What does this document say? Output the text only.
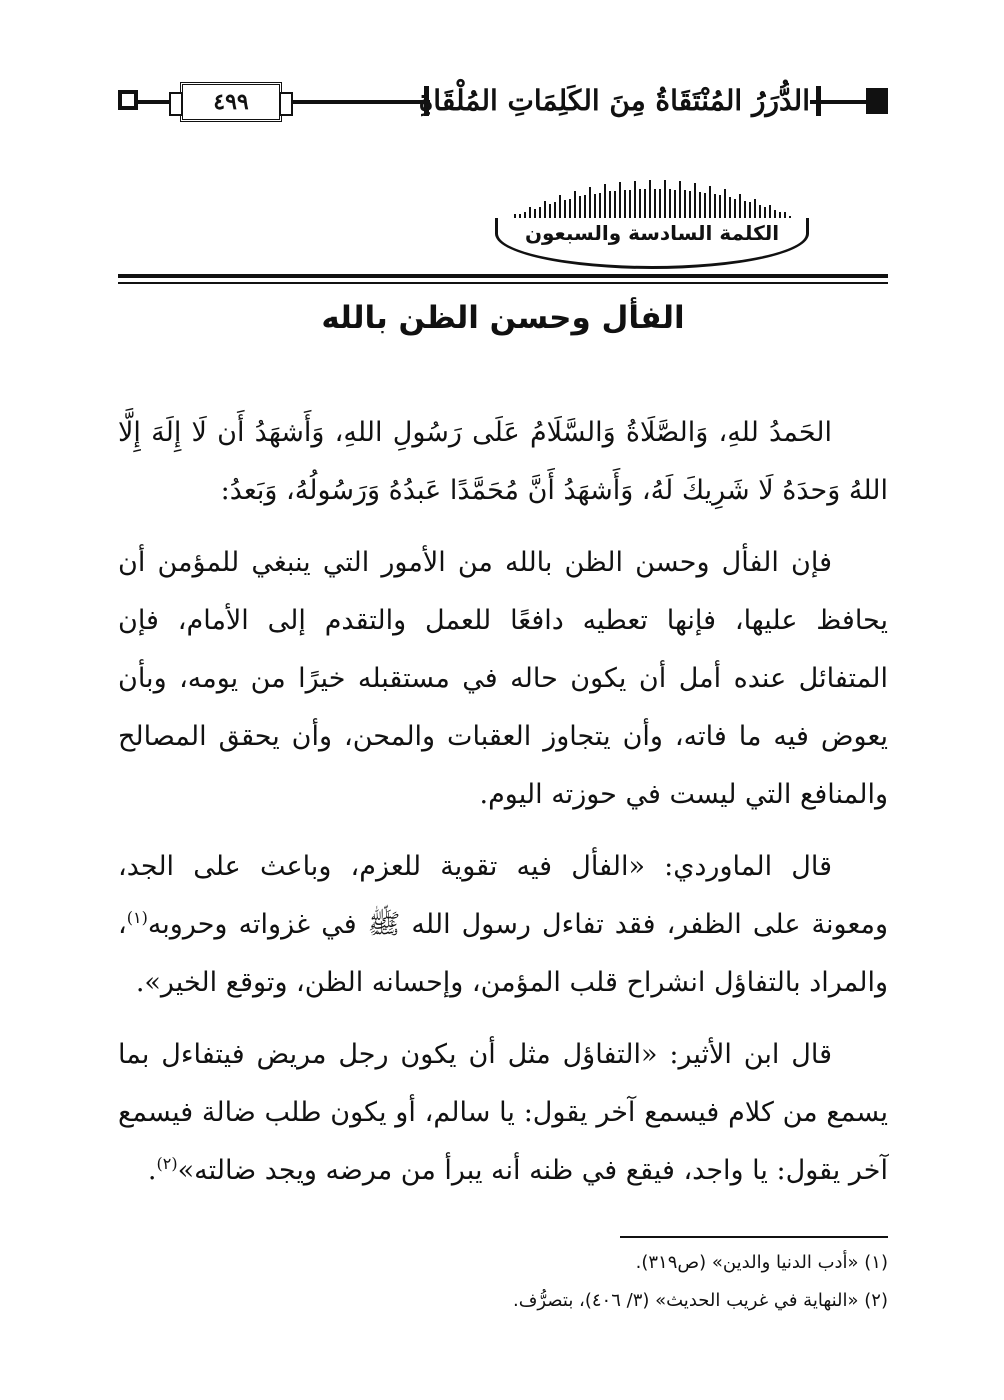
٤٩٩	الدُّرَرُ المُنْتَقَاةُ مِنَ الكَلِمَاتِ المُلْقَاةِ
الكلمة السادسة والسبعون
الفأل وحسن الظن بالله

الحَمدُ للهِ، وَالصَّلَاةُ وَالسَّلَامُ عَلَى رَسُولِ اللهِ، وَأَشهَدُ أَن لَا إِلَهَ إِلَّا اللهُ وَحدَهُ لَا شَرِيكَ لَهُ، وَأَشهَدُ أَنَّ مُحَمَّدًا عَبدُهُ وَرَسُولُهُ، وَبَعدُ:

فإن الفأل وحسن الظن بالله من الأمور التي ينبغي للمؤمن أن يحافظ عليها، فإنها تعطيه دافعًا للعمل والتقدم إلى الأمام، فإن المتفائل عنده أمل أن يكون حاله في مستقبله خيرًا من يومه، وبأن يعوض فيه ما فاته، وأن يتجاوز العقبات والمحن، وأن يحقق المصالح والمنافع التي ليست في حوزته اليوم.

قال الماوردي: «الفأل فيه تقوية للعزم، وباعث على الجد، ومعونة على الظفر، فقد تفاءل رسول الله ﷺ في غزواته وحروبه$^{(١)}$، والمراد بالتفاؤل انشراح قلب المؤمن، وإحسانه الظن، وتوقع الخير».

قال ابن الأثير: «التفاؤل مثل أن يكون رجل مريض فيتفاءل بما يسمع من كلام فيسمع آخر يقول: يا سالم، أو يكون طلب ضالة فيسمع آخر يقول: يا واجد، فيقع في ظنه أنه يبرأ من مرضه ويجد ضالته»$^{(٢)}$.

(١) «أدب الدنيا والدين» (ص٣١٩).
(٢) «النهاية في غريب الحديث» (٣/ ٤٠٦)، بتصرُّف.
